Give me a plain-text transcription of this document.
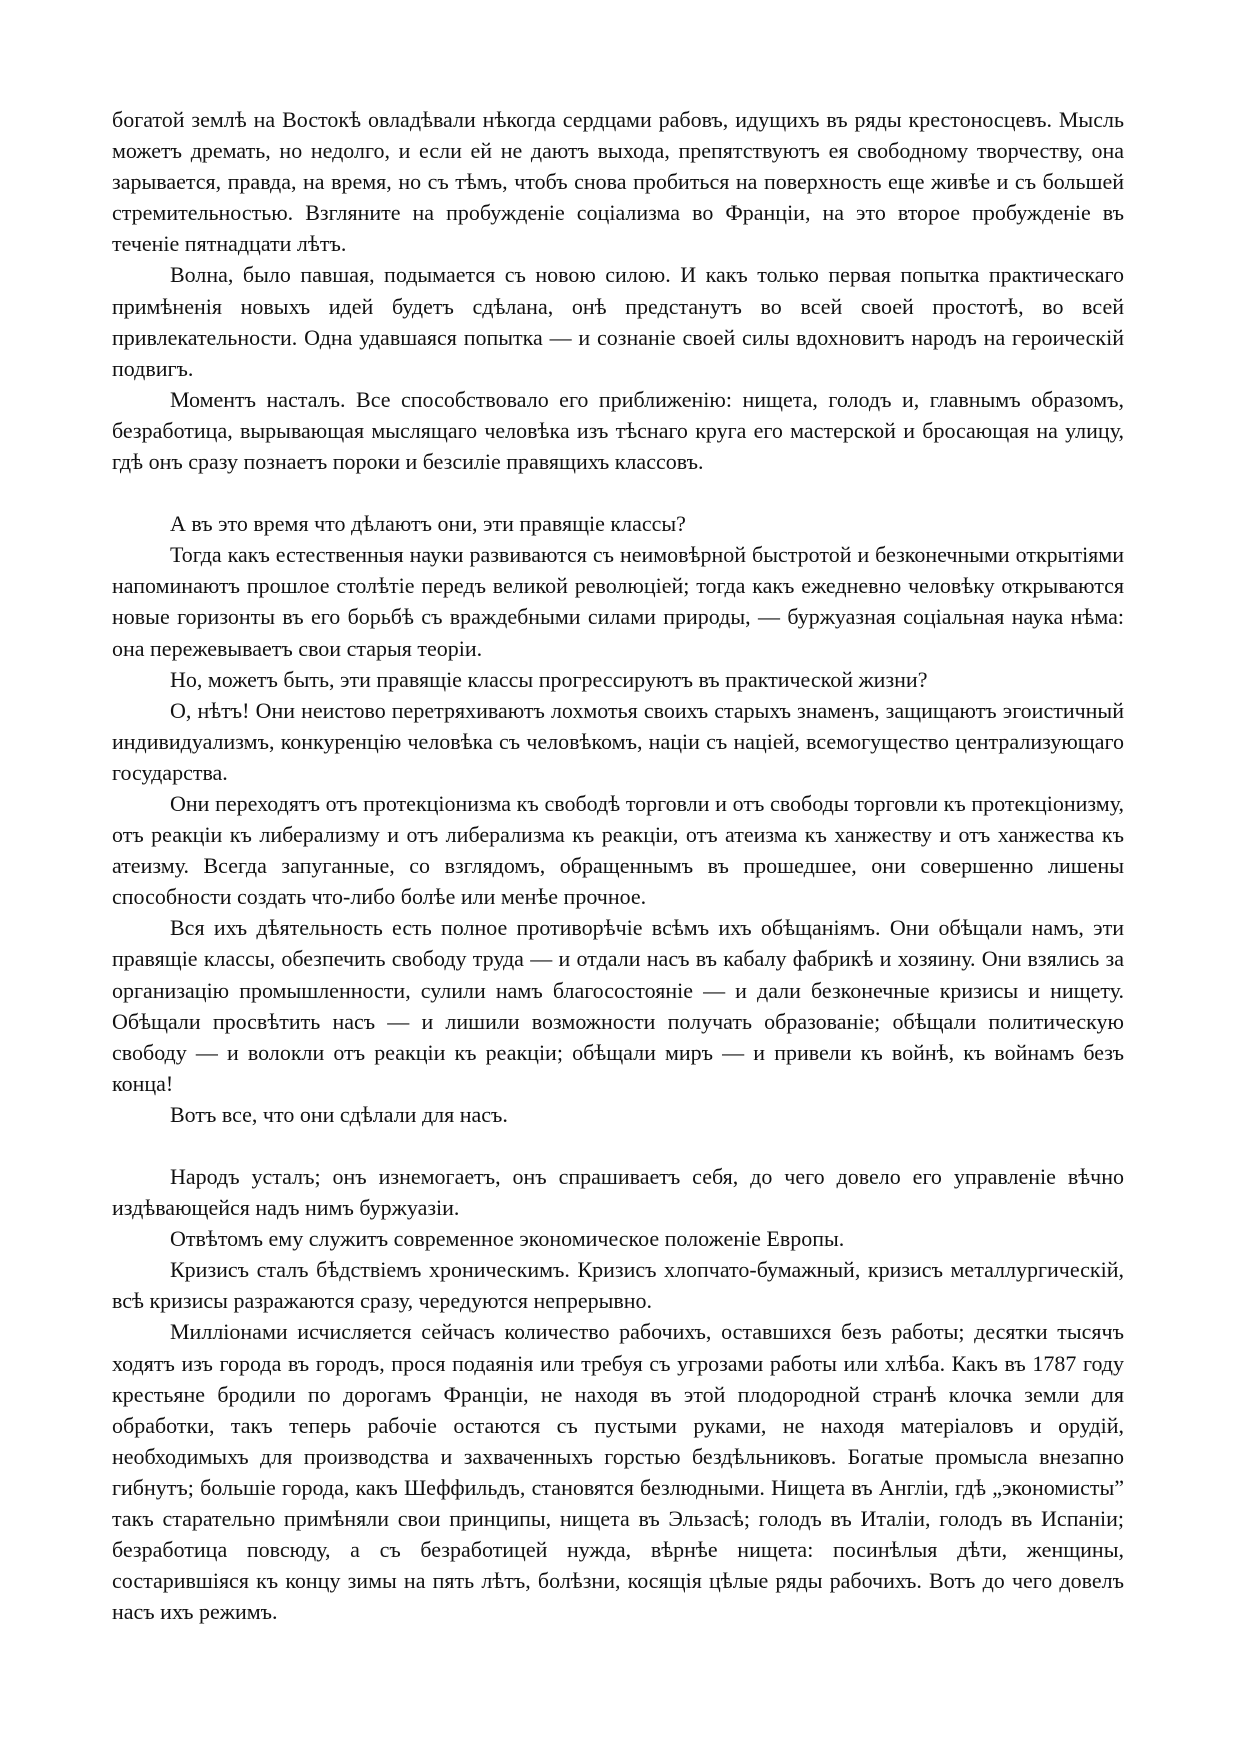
богатой землѣ на Востокѣ овладѣвали нѣкогда сердцами рабовъ, идущихъ въ ряды крестоносцевъ. Мысль можетъ дремать, но недолго, и если ей не даютъ выхода, препятствуютъ ея свободному творчеству, она зарывается, правда, на время, но съ тѣмъ, чтобъ снова пробиться на поверхность еще живѣе и съ большей стремительностью. Взгляните на пробужденіе соціализма во Франціи, на это второе пробужденіе въ теченіе пятнадцати лѣтъ.

Волна, было павшая, подымается съ новою силою. И какъ только первая попытка практическаго примѣненія новыхъ идей будетъ сдѣлана, онѣ предстанутъ во всей своей простотѣ, во всей привлекательности. Одна удавшаяся попытка — и сознаніе своей силы вдохновитъ народъ на героическій подвигъ.

Моментъ насталъ. Все способствовало его приближенію: нищета, голодъ и, главнымъ образомъ, безработица, вырывающая мыслящаго человѣка изъ тѣснаго круга его мастерской и бросающая на улицу, гдѣ онъ сразу познаетъ пороки и безсиліе правящихъ классовъ.

А въ это время что дѣлаютъ они, эти правящіе классы?

Тогда какъ естественныя науки развиваются съ неимовѣрной быстротой и безконечными открытіями напоминаютъ прошлое столѣтіе передъ великой революціей; тогда какъ ежедневно человѣку открываются новые горизонты въ его борьбѣ съ враждебными силами природы, — буржуазная соціальная наука нѣма: она пережевываетъ свои старыя теоріи.

Но, можетъ быть, эти правящіе классы прогрессируютъ въ практической жизни?

О, нѣтъ! Они неистово перетряхиваютъ лохмотья своихъ старыхъ знаменъ, защищаютъ эгоистичный индивидуализмъ, конкуренцію человѣка съ человѣкомъ, націи съ націей, всемогущество централизующаго государства.

Они переходятъ отъ протекціонизма къ свободѣ торговли и отъ свободы торговли къ протекціонизму, отъ реакціи къ либерализму и отъ либерализма къ реакціи, отъ атеизма къ ханжеству и отъ ханжества къ атеизму. Всегда запуганные, со взглядомъ, обращеннымъ въ прошедшее, они совершенно лишены способности создать что-либо болѣе или менѣе прочное.

Вся ихъ дѣятельность есть полное противорѣчіе всѣмъ ихъ обѣщаніямъ. Они обѣщали намъ, эти правящіе классы, обезпечить свободу труда — и отдали насъ въ кабалу фабрикѣ и хозяину. Они взялись за организацію промышленности, сулили намъ благосостояніе — и дали безконечные кризисы и нищету. Обѣщали просвѣтить насъ — и лишили возможности получать образованіе; обѣщали политическую свободу — и волокли отъ реакціи къ реакціи; обѣщали миръ — и привели къ войнѣ, къ войнамъ безъ конца!

Вотъ все, что они сдѣлали для насъ.

Народъ усталъ; онъ изнемогаетъ, онъ спрашиваетъ себя, до чего довело его управленіе вѣчно издѣвающейся надъ нимъ буржуазіи.

Отвѣтомъ ему служитъ современное экономическое положеніе Европы.

Кризисъ сталъ бѣдствіемъ хроническимъ. Кризисъ хлопчато-бумажный, кризисъ металлургическій, всѣ кризисы разражаются сразу, чередуются непрерывно.

Милліонами исчисляется сейчасъ количество рабочихъ, оставшихся безъ работы; десятки тысячъ ходятъ изъ города въ городъ, прося подаянія или требуя съ угрозами работы или хлѣба. Какъ въ 1787 году крестьяне бродили по дорогамъ Франціи, не находя въ этой плодородной странѣ клочка земли для обработки, такъ теперь рабочіе остаются съ пустыми руками, не находя матеріаловъ и орудій, необходимыхъ для производства и захваченныхъ горстью бездѣльниковъ. Богатые промысла внезапно гибнутъ; большіе города, какъ Шеффильдъ, становятся безлюдными. Нищета въ Англіи, гдѣ „экономисты” такъ старательно примѣняли свои принципы, нищета въ Эльзасѣ; голодъ въ Италіи, голодъ въ Испаніи; безработица повсюду, а съ безработицей нужда, вѣрнѣе нищета: посинѣлыя дѣти, женщины, состарившіяся къ концу зимы на пять лѣтъ, болѣзни, косящія цѣлые ряды рабочихъ. Вотъ до чего довелъ насъ ихъ режимъ.
